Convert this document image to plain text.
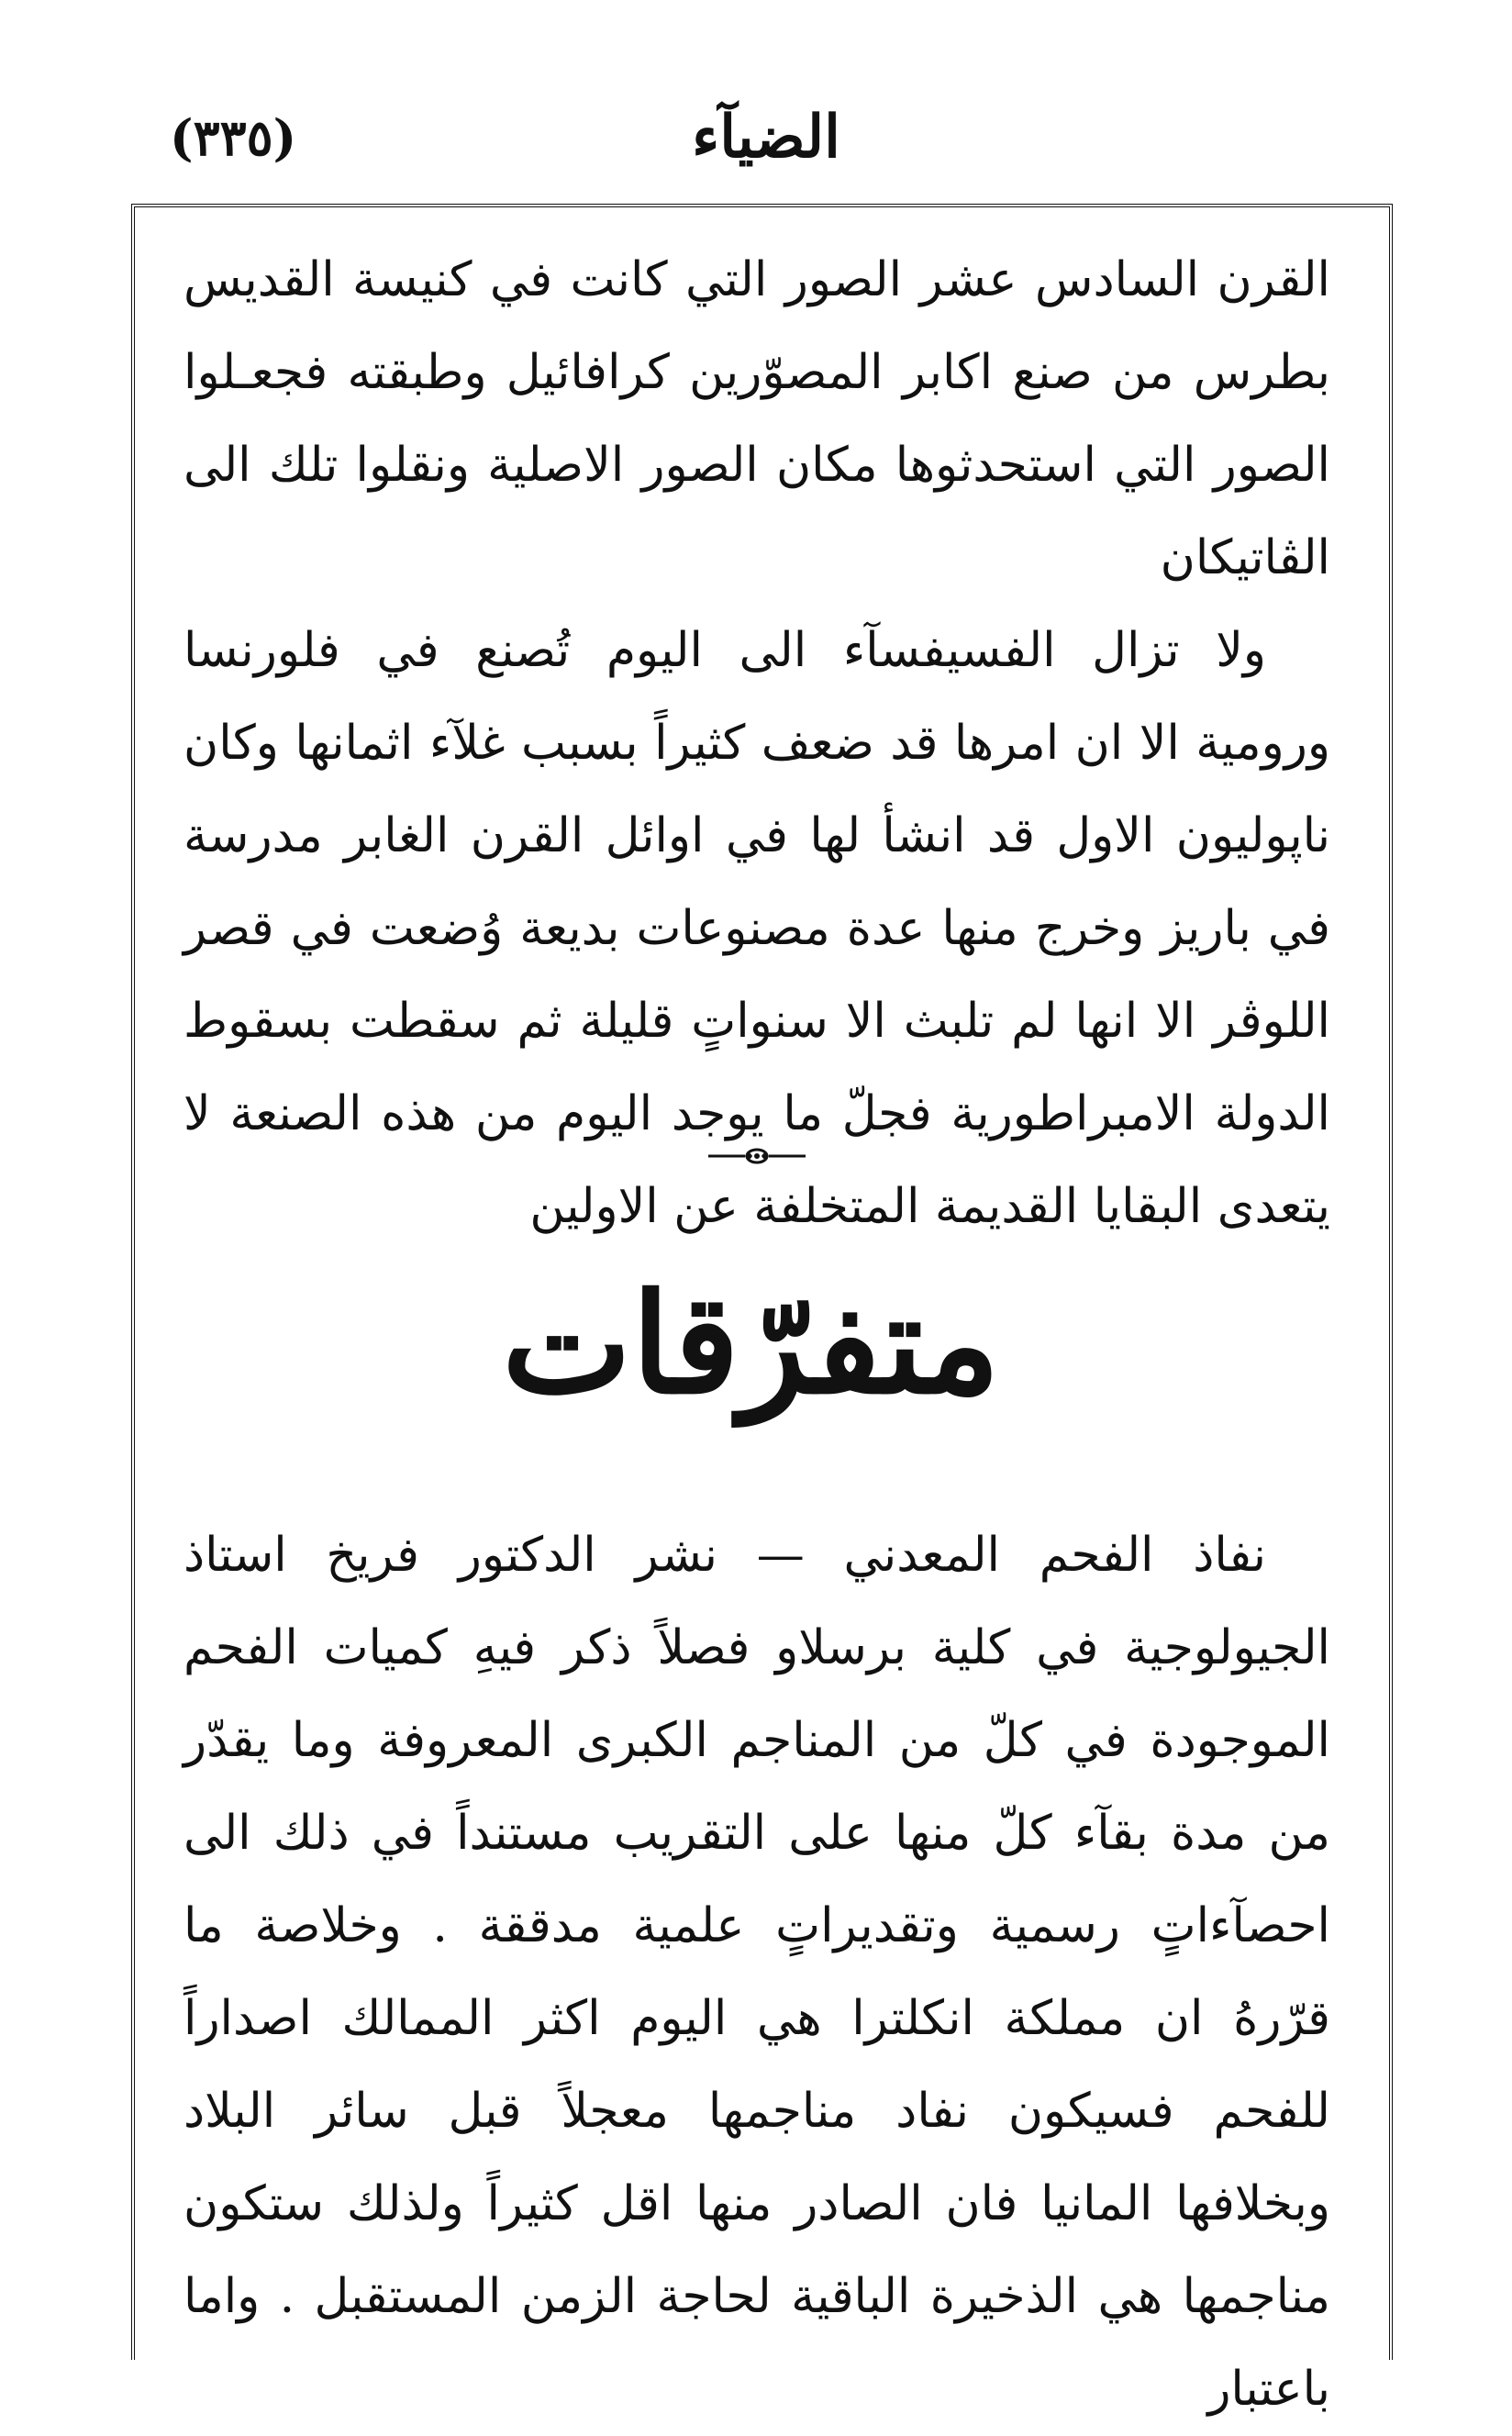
الضيآء
(٣٣٥)

القرن السادس عشر الصور التي كانت في كنيسة القديس بطرس من صنع اكابر المصوّرين كرافائيل وطبقته فجعـلوا الصور التي استحدثوها مكان الصور الاصلية ونقلوا تلك الى الڤاتيكان

ولا تزال الفسيفسآء الى اليوم تُصنع في فلورنسا ورومية الا ان امرها قد ضعف كثيراً بسبب غلآء اثمانها وكان ناپوليون الاول قد انشأ لها في اوائل القرن الغابر مدرسة في باريز وخرج منها عدة مصنوعات بديعة وُضعت في قصر اللوڤر الا انها لم تلبث الا سنواتٍ قليلة ثم سقطت بسقوط الدولة الامبراطورية فجلّ ما يوجد اليوم من هذه الصنعة لا يتعدى البقايا القديمة المتخلفة عن الاولين

متفرّقات

نفاذ الفحم المعدني — نشر الدكتور فريخ استاذ الجيولوجية في كلية برسلاو فصلاً ذكر فيهِ كميات الفحم الموجودة في كلّ من المناجم الكبرى المعروفة وما يقدّر من مدة بقآء كلّ منها على التقريب مستنداً في ذلك الى احصآءاتٍ رسمية وتقديراتٍ علمية مدققة . وخلاصة ما قرّرهُ ان مملكة انكلترا هي اليوم اكثر الممالك اصداراً للفحم فسيكون نفاد مناجمها معجلاً قبل سائر البلاد وبخلافها المانيا فان الصادر منها اقل كثيراً ولذلك ستكون مناجمها هي الذخيرة الباقية لحاجة الزمن المستقبل . واما باعتبار
